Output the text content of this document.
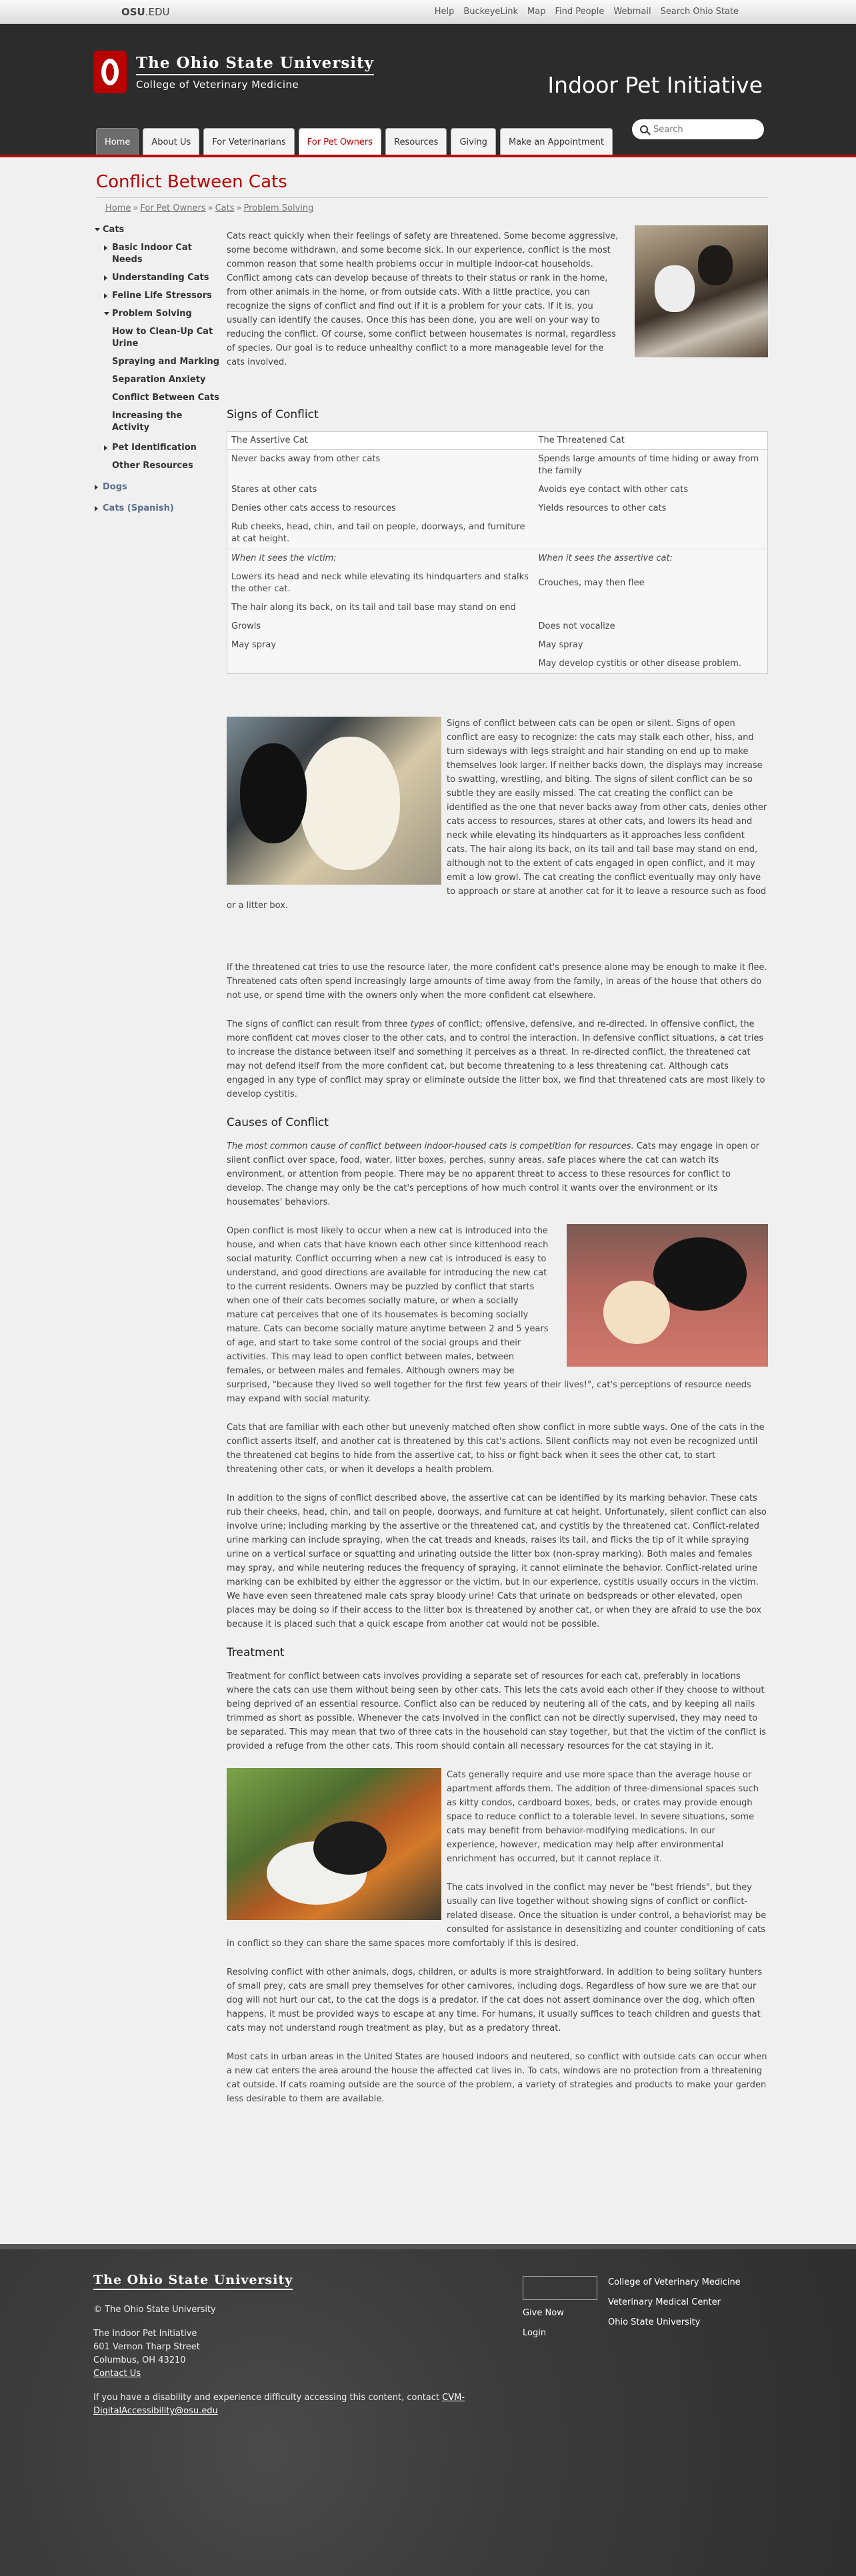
OSU.EDU	Help BuckeyeLink Map Find People Webmail Search Ohio State
The Ohio State University
College of Veterinary Medicine	Indoor Pet Initiative
Search
Home	About Us	For Veterinarians	For Pet Owners	Resources	Giving	Make an Appointment
Conflict Between Cats
Home » For Pet Owners » Cats » Problem Solving
Cats
Basic Indoor Cat Needs
Understanding Cats
Feline Life Stressors
Problem Solving
How to Clean-Up Cat Urine
Spraying and Marking
Separation Anxiety
Conflict Between Cats
Increasing the Activity
Pet Identification
Other Resources
Dogs
Cats (Spanish)

Cats react quickly when their feelings of safety are threatened. Some become aggressive, some become withdrawn, and some become sick. In our experience, conflict is the most common reason that some health problems occur in multiple indoor-cat households. Conflict among cats can develop because of threats to their status or rank in the home, from other animals in the home, or from outside cats. With a little practice, you can recognize the signs of conflict and find out if it is a problem for your cats. If it is, you usually can identify the causes. Once this has been done, you are well on your way to reducing the conflict. Of course, some conflict between housemates is normal, regardless of species. Our goal is to reduce unhealthy conflict to a more manageable level for the cats involved.

Signs of Conflict
The Assertive Cat	The Threatened Cat
Never backs away from other cats	Spends large amounts of time hiding or away from the family
Stares at other cats	Avoids eye contact with other cats
Denies other cats access to resources	Yields resources to other cats
Rub cheeks, head, chin, and tail on people, doorways, and furniture at cat height.	
When it sees the victim:	When it sees the assertive cat:
Lowers its head and neck while elevating its hindquarters and stalks the other cat.	Crouches, may then flee
The hair along its back, on its tail and tail base may stand on end	
Growls	Does not vocalize
May spray	May spray
	May develop cystitis or other disease problem.

Signs of conflict between cats can be open or silent. Signs of open conflict are easy to recognize: the cats may stalk each other, hiss, and turn sideways with legs straight and hair standing on end up to make themselves look larger. If neither backs down, the displays may increase to swatting, wrestling, and biting. The signs of silent conflict can be so subtle they are easily missed. The cat creating the conflict can be identified as the one that never backs away from other cats, denies other cats access to resources, stares at other cats, and lowers its head and neck while elevating its hindquarters as it approaches less confident cats. The hair along its back, on its tail and tail base may stand on end, although not to the extent of cats engaged in open conflict, and it may emit a low growl. The cat creating the conflict eventually may only have to approach or stare at another cat for it to leave a resource such as food or a litter box.

If the threatened cat tries to use the resource later, the more confident cat's presence alone may be enough to make it flee. Threatened cats often spend increasingly large amounts of time away from the family, in areas of the house that others do not use, or spend time with the owners only when the more confident cat elsewhere.

The signs of conflict can result from three types of conflict; offensive, defensive, and re-directed. In offensive conflict, the more confident cat moves closer to the other cats, and to control the interaction. In defensive conflict situations, a cat tries to increase the distance between itself and something it perceives as a threat. In re-directed conflict, the threatened cat may not defend itself from the more confident cat, but become threatening to a less threatening cat. Although cats engaged in any type of conflict may spray or eliminate outside the litter box, we find that threatened cats are most likely to develop cystitis.

Causes of Conflict

The most common cause of conflict between indoor-housed cats is competition for resources. Cats may engage in open or silent conflict over space, food, water, litter boxes, perches, sunny areas, safe places where the cat can watch its environment, or attention from people. There may be no apparent threat to access to these resources for conflict to develop. The change may only be the cat's perceptions of how much control it wants over the environment or its housemates' behaviors.

Open conflict is most likely to occur when a new cat is introduced into the house, and when cats that have known each other since kittenhood reach social maturity. Conflict occurring when a new cat is introduced is easy to understand, and good directions are available for introducing the new cat to the current residents. Owners may be puzzled by conflict that starts when one of their cats becomes socially mature, or when a socially mature cat perceives that one of its housemates is becoming socially mature. Cats can become socially mature anytime between 2 and 5 years of age, and start to take some control of the social groups and their activities. This may lead to open conflict between males, between females, or between males and females. Although owners may be surprised, "because they lived so well together for the first few years of their lives!", cat's perceptions of resource needs may expand with social maturity.

Cats that are familiar with each other but unevenly matched often show conflict in more subtle ways. One of the cats in the conflict asserts itself, and another cat is threatened by this cat's actions. Silent conflicts may not even be recognized until the threatened cat begins to hide from the assertive cat, to hiss or fight back when it sees the other cat, to start threatening other cats, or when it develops a health problem.

In addition to the signs of conflict described above, the assertive cat can be identified by its marking behavior. These cats rub their cheeks, head, chin, and tail on people, doorways, and furniture at cat height. Unfortunately, silent conflict can also involve urine; including marking by the assertive or the threatened cat, and cystitis by the threatened cat. Conflict-related urine marking can include spraying, when the cat treads and kneads, raises its tail, and flicks the tip of it while spraying urine on a vertical surface or squatting and urinating outside the litter box (non-spray marking). Both males and females may spray, and while neutering reduces the frequency of spraying, it cannot eliminate the behavior. Conflict-related urine marking can be exhibited by either the aggressor or the victim, but in our experience, cystitis usually occurs in the victim. We have even seen threatened male cats spray bloody urine! Cats that urinate on bedspreads or other elevated, open places may be doing so if their access to the litter box is threatened by another cat, or when they are afraid to use the box because it is placed such that a quick escape from another cat would not be possible.

Treatment

Treatment for conflict between cats involves providing a separate set of resources for each cat, preferably in locations where the cats can use them without being seen by other cats. This lets the cats avoid each other if they choose to without being deprived of an essential resource. Conflict also can be reduced by neutering all of the cats, and by keeping all nails trimmed as short as possible. Whenever the cats involved in the conflict can not be directly supervised, they may need to be separated. This may mean that two of three cats in the household can stay together, but that the victim of the conflict is provided a refuge from the other cats. This room should contain all necessary resources for the cat staying in it.

Cats generally require and use more space than the average house or apartment affords them. The addition of three-dimensional spaces such as kitty condos, cardboard boxes, beds, or crates may provide enough space to reduce conflict to a tolerable level. In severe situations, some cats may benefit from behavior-modifying medications. In our experience, however, medication may help after environmental enrichment has occurred, but it cannot replace it.

The cats involved in the conflict may never be "best friends", but they usually can live together without showing signs of conflict or conflict-related disease. Once the situation is under control, a behaviorist may be consulted for assistance in desensitizing and counter conditioning of cats in conflict so they can share the same spaces more comfortably if this is desired.

Resolving conflict with other animals, dogs, children, or adults is more straightforward. In addition to being solitary hunters of small prey, cats are small prey themselves for other carnivores, including dogs. Regardless of how sure we are that our dog will not hurt our cat, to the cat the dogs is a predator. If the cat does not assert dominance over the dog, which often happens, it must be provided ways to escape at any time. For humans, it usually suffices to teach children and guests that cats may not understand rough treatment as play, but as a predatory threat.

Most cats in urban areas in the United States are housed indoors and neutered, so conflict with outside cats can occur when a new cat enters the area around the house the affected cat lives in. To cats, windows are no protection from a threatening cat outside. If cats roaming outside are the source of the problem, a variety of strategies and products to make your garden less desirable to them are available.

The Ohio State University
© The Ohio State University
The Indoor Pet Initiative
601 Vernon Tharp Street
Columbus, OH 43210
Contact Us
If you have a disability and experience difficulty accessing this content, contact CVM-DigitalAccessibility@osu.edu
Give Now
Login
College of Veterinary Medicine
Veterinary Medical Center
Ohio State University
